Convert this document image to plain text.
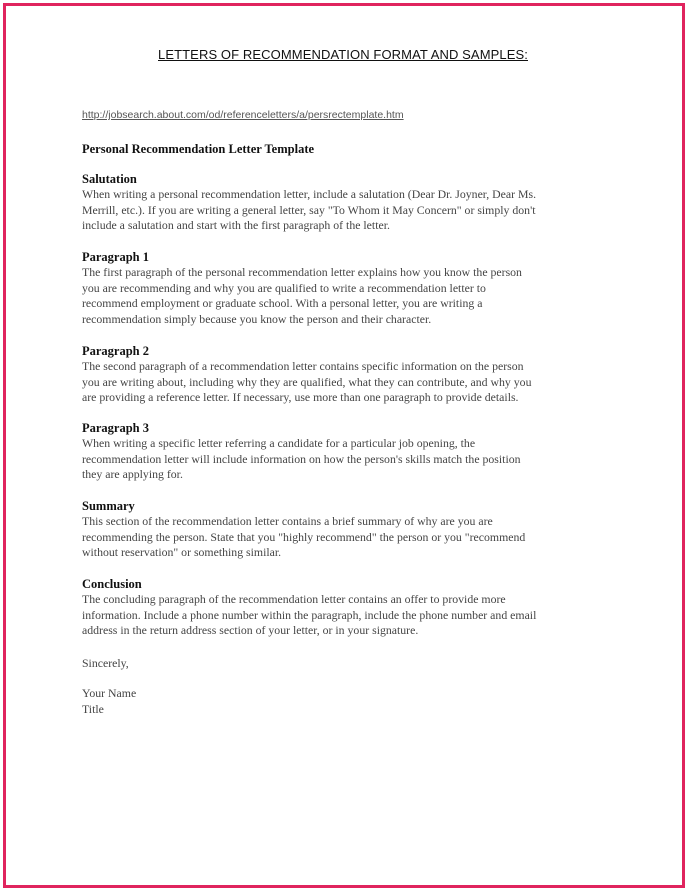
LETTERS OF RECOMMENDATION FORMAT AND SAMPLES:
http://jobsearch.about.com/od/referenceletters/a/persrectemplate.htm
Personal Recommendation Letter Template
Salutation

When writing a personal recommendation letter, include a salutation (Dear Dr. Joyner, Dear Ms.
Merrill, etc.). If you are writing a general letter, say "To Whom it May Concern" or simply don't
include a salutation and start with the first paragraph of the letter.

Paragraph 1

The first paragraph of the personal recommendation letter explains how you know the person
you are recommending and why you are qualified to write a recommendation letter to
recommend employment or graduate school. With a personal letter, you are writing a
recommendation simply because you know the person and their character.

Paragraph 2

The second paragraph of a recommendation letter contains specific information on the person
you are writing about, including why they are qualified, what they can contribute, and why you
are providing a reference letter. If necessary, use more than one paragraph to provide details.

Paragraph 3

When writing a specific letter referring a candidate for a particular job opening, the
recommendation letter will include information on how the person's skills match the position
they are applying for.

Summary

This section of the recommendation letter contains a brief summary of why are you are
recommending the person. State that you "highly recommend" the person or you "recommend
without reservation" or something similar.

Conclusion

The concluding paragraph of the recommendation letter contains an offer to provide more
information. Include a phone number within the paragraph, include the phone number and email
address in the return address section of your letter, or in your signature.

Sincerely,
Your Name
Title
